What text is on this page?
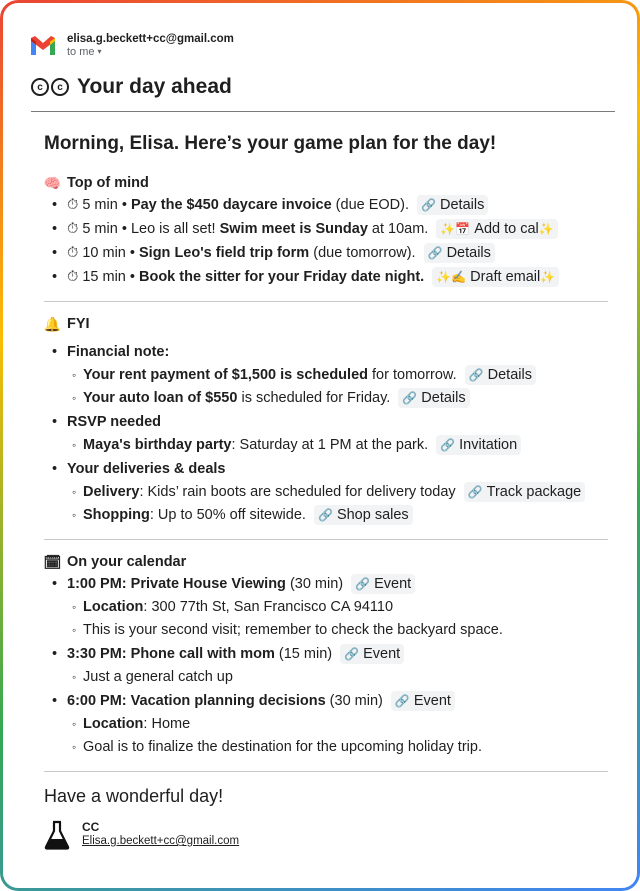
elisa.g.beckett+cc@gmail.com
to me ▾
c	c Your day ahead
Morning, Elisa. Here’s your game plan for the day!
🧠 Top of mind
• ⏱ 5 min • Pay the $450 daycare invoice (due EOD). 🔗 Details
• ⏱ 5 min • Leo is all set! Swim meet is Sunday at 10am. ✨ 📅 Add to cal ✨
• ⏱ 10 min • Sign Leo's field trip form (due tomorrow). 🔗 Details
• ⏱ 15 min • Book the sitter for your Friday date night. ✨ ✍ Draft email ✨
🔔 FYI
• Financial note:
◦ Your rent payment of $1,500 is scheduled for tomorrow. 🔗 Details
◦ Your auto loan of $550 is scheduled for Friday. 🔗 Details
• RSVP needed
◦ Maya's birthday party: Saturday at 1 PM at the park. 🔗 Invitation
• Your deliveries & deals
◦ Delivery: Kids’ rain boots are scheduled for delivery today 🔗 Track package
◦ Shopping: Up to 50% off sitewide. 🔗 Shop sales
🗓 On your calendar
• 1:00 PM: Private House Viewing (30 min) 🔗 Event
◦ Location: 300 77th St, San Francisco CA 94110
◦ This is your second visit; remember to check the backyard space.
• 3:30 PM: Phone call with mom (15 min) 🔗 Event
◦ Just a general catch up
• 6:00 PM: Vacation planning decisions (30 min) 🔗 Event
◦ Location: Home
◦ Goal is to finalize the destination for the upcoming holiday trip.
Have a wonderful day!
CC
Elisa.g.beckett+cc@gmail.com
